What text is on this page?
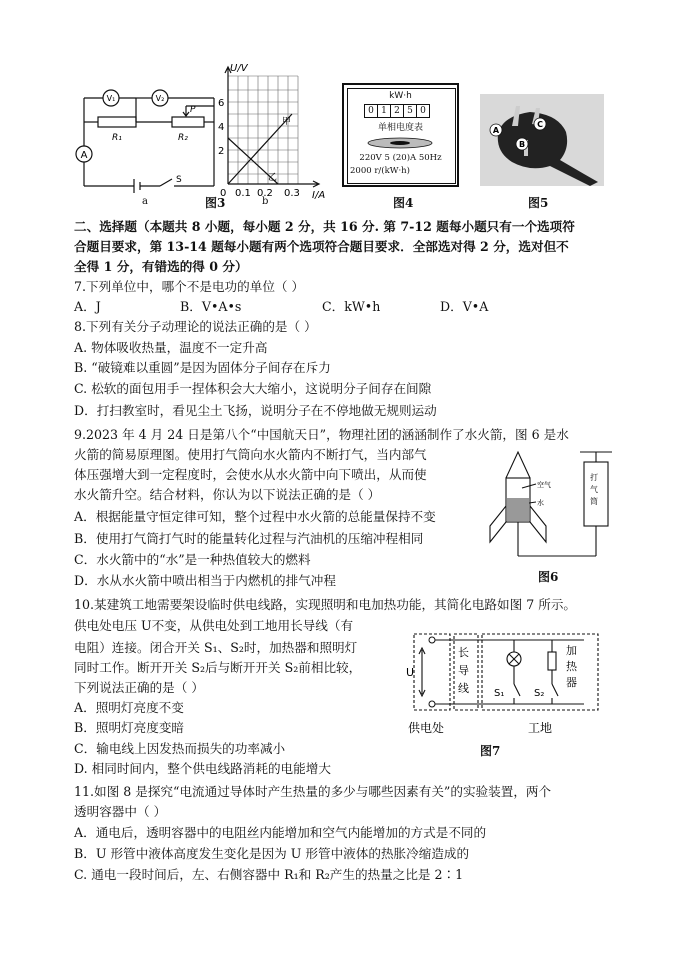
A
V₁	V₂
R₁	R₂
P
S
a
U/V
I/A
6
4
2
0 0.1 0.2 0.3
甲
乙
b
图3
kW·h
0 1 2 5 0
单相电度表
220V 5 (20)A 50Hz
2000 r/(kW·h)
图4
A
B
C
图5
二、选择题（本题共 8 小题，每小题 2 分，共 16 分. 第 7-12 题每小题只有一个选项符
合题目要求，第 13-14 题每小题有两个选项符合题目要求．全部选对得 2 分，选对但不
全得 1 分，有错选的得 0 分）
7.下列单位中，哪个不是电功的单位（ ）
A．J	B．V•A•s	C．kW•h	D．V•A
8.下列有关分子动理论的说法正确的是（ ）
A. 物体吸收热量，温度不一定升高
B. “破镜难以重圆”是因为固体分子间存在斥力
C. 松软的面包用手一捏体积会大大缩小，这说明分子间存在间隙
D．打扫教室时，看见尘土飞扬，说明分子在不停地做无规则运动
9.2023 年 4 月 24 日是第八个“中国航天日”，物理社团的涵涵制作了水火箭，图 6 是水
火箭的简易原理图。使用打气筒向水火箭内不断打气，当内部气
体压强增大到一定程度时，会使水从水火箭中向下喷出，从而使
水火箭升空。结合材料，你认为以下说法正确的是（ ）
A．根据能量守恒定律可知，整个过程中水火箭的总能量保持不变
B．使用打气筒打气时的能量转化过程与汽油机的压缩冲程相同
C．水火箭中的“水”是一种热值较大的燃料
D．水从水火箭中喷出相当于内燃机的排气冲程
空气
水
打
气
筒
图6
10.某建筑工地需要架设临时供电线路，实现照明和电加热功能，其简化电路如图 7 所示。
供电处电压 U不变，从供电处到工地用长导线（有
电阻）连接。闭合开关 S₁、S₂时，加热器和照明灯
同时工作。断开开关 S₂后与断开开关 S₂前相比较，
下列说法正确的是（ ）
A．照明灯亮度不变
B．照明灯亮度变暗
C．输电线上因发热而损失的功率减小
D. 相同时间内，整个供电线路消耗的电能增大
U
长
导
线
加
热
器
S₁	S₂
供电处	工地
图7
11.如图 8 是探究“电流通过导体时产生热量的多少与哪些因素有关”的实验装置，两个
透明容器中（ ）
A．通电后，透明容器中的电阻丝内能增加和空气内能增加的方式是不同的
B．U 形管中液体高度发生变化是因为 U 形管中液体的热胀冷缩造成的
C. 通电一段时间后，左、右侧容器中 R₁和 R₂产生的热量之比是 2∶1
